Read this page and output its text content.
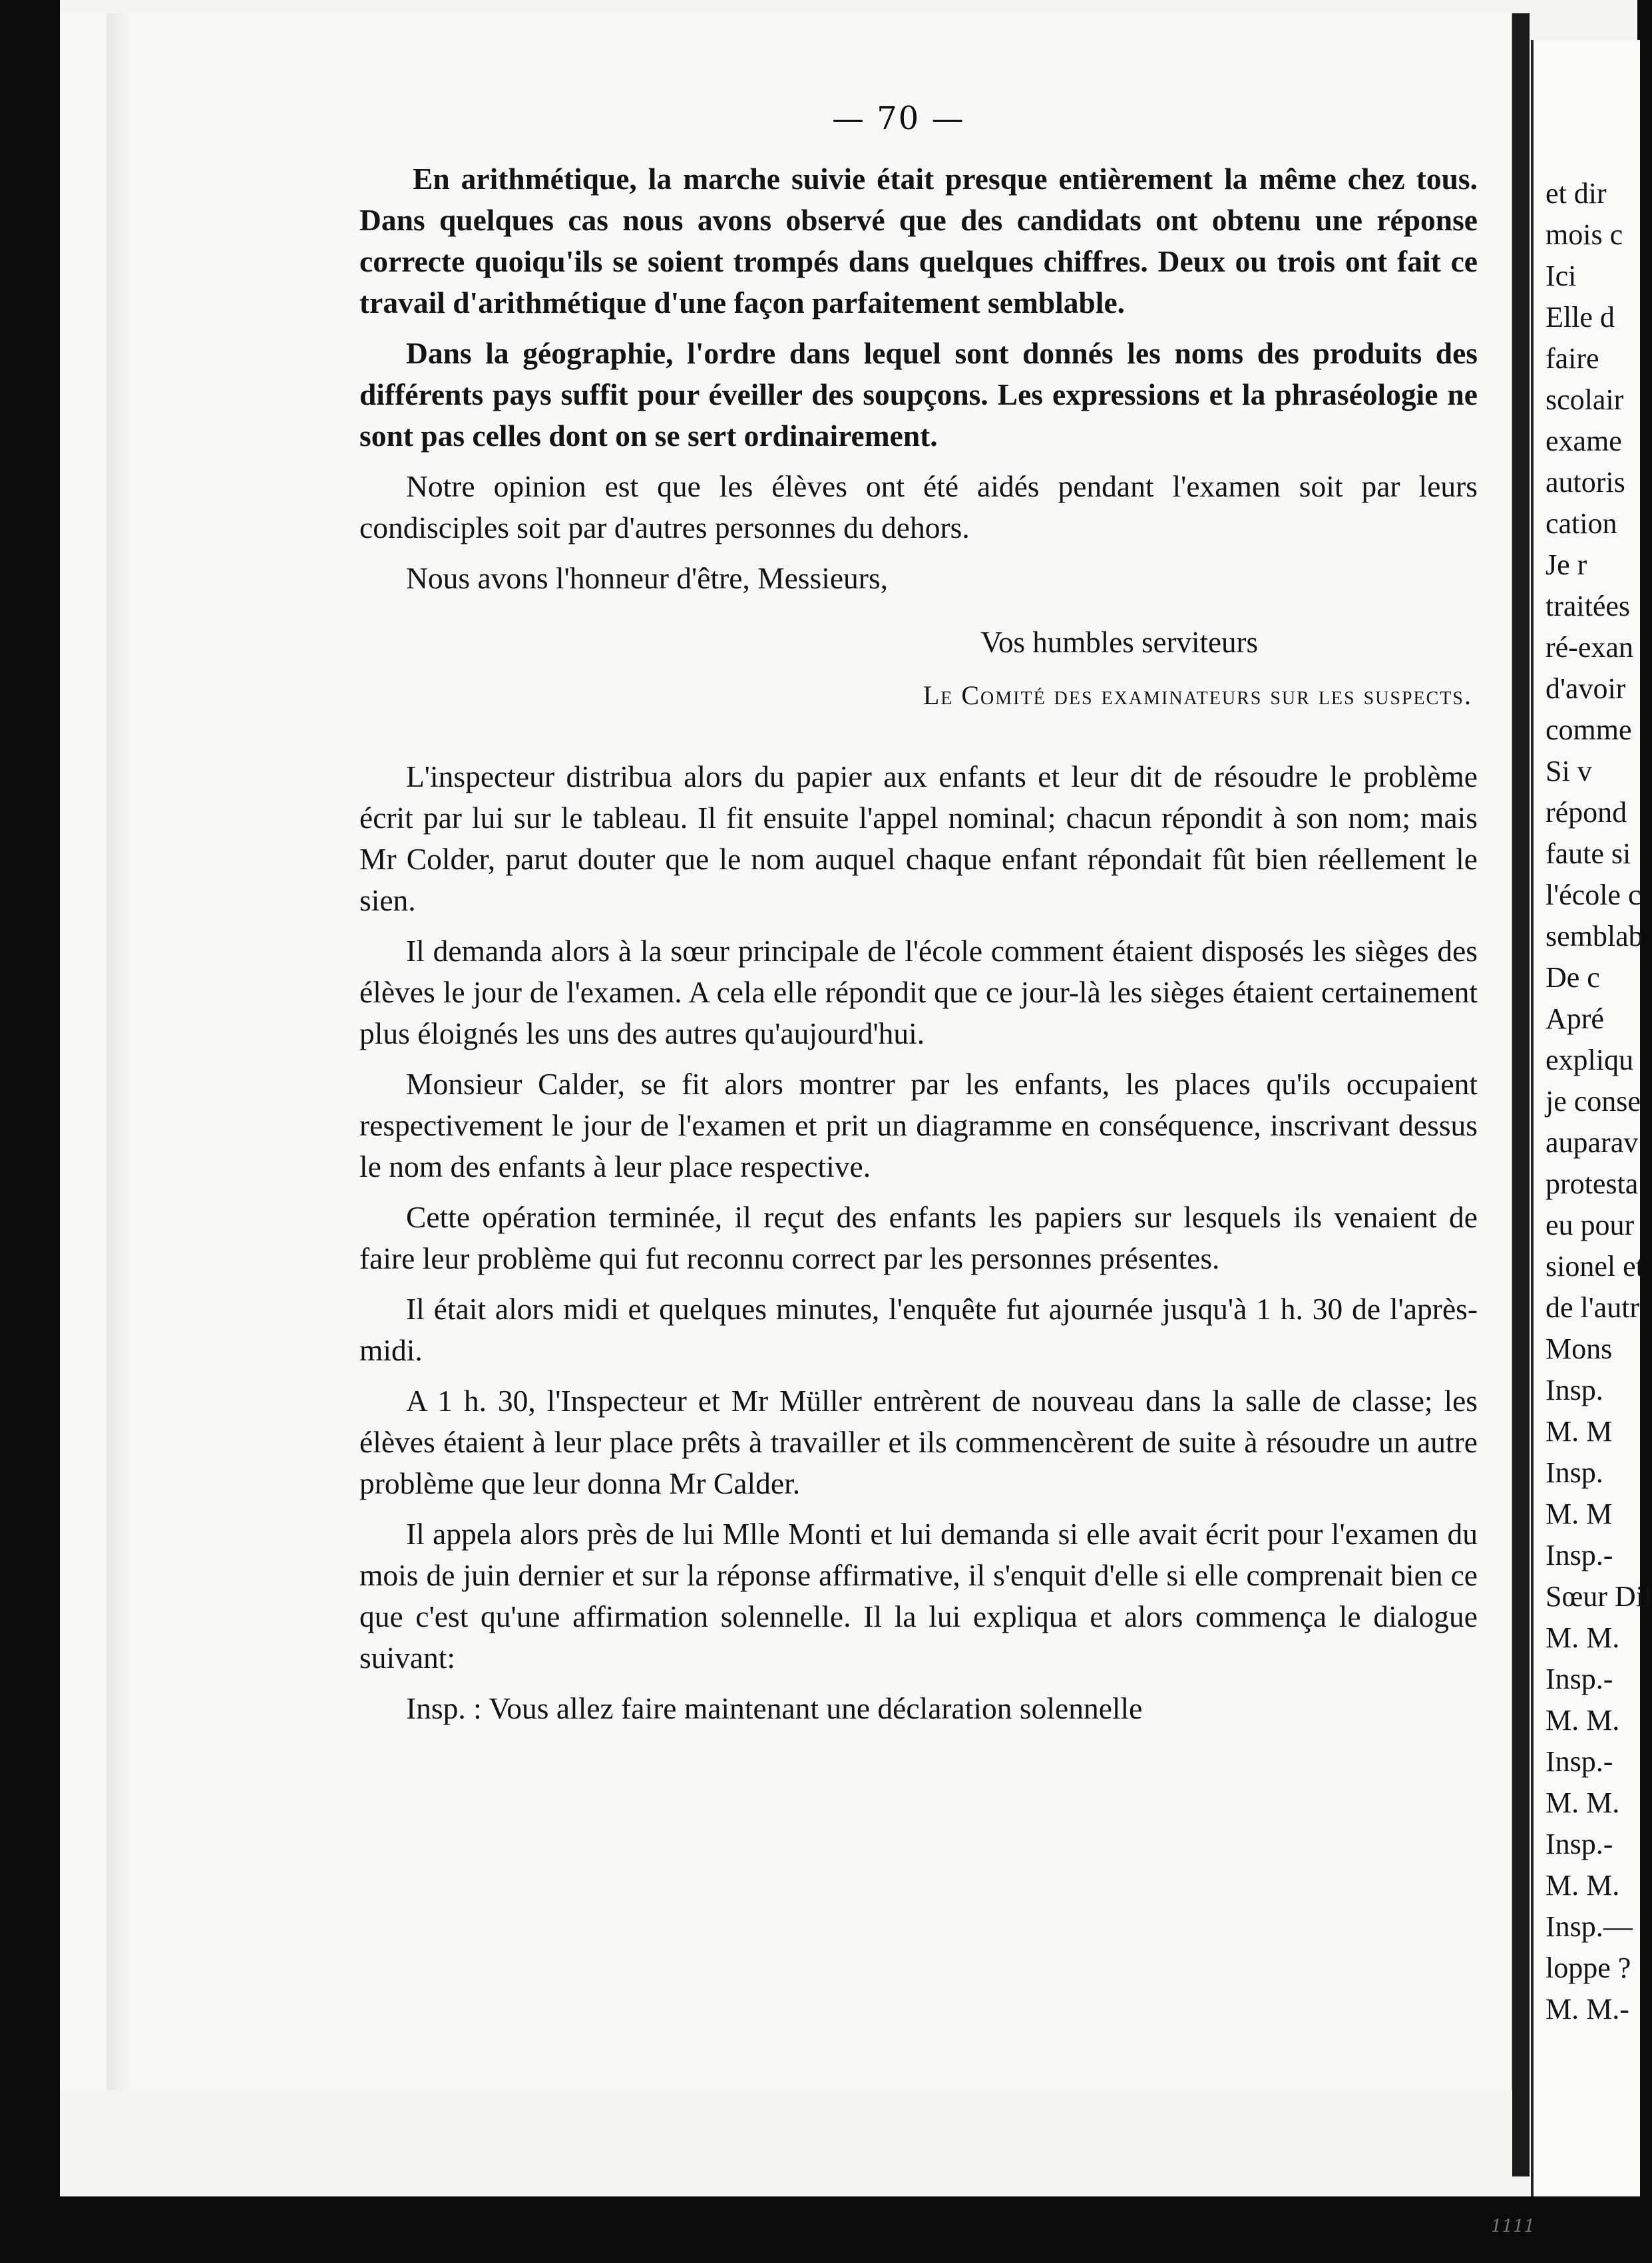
et dir
mois c
Ici
Elle d
faire
scolair
exame
autoris
cation
Je r
traitées
ré-exan
d'avoir
comme
Si v
répond
faute si
l'école c
semblab
De c
Apré
expliqu
je conse
auparav
protesta
eu pour
sionel et
de l'autr
Mons
Insp.
M. M
Insp.
M. M
Insp.-
Sœur Dil
M. M.
Insp.-
M. M.
Insp.-
M. M.
Insp.-
M. M.
Insp.—
loppe ?
M. M.-
— 70 —

En arithmétique, la marche suivie était presque entièrement la même chez tous. Dans quelques cas nous avons observé que des candidats ont obtenu une réponse correcte quoiqu'ils se soient trompés dans quelques chiffres. Deux ou trois ont fait ce travail d'arithmétique d'une façon parfaitement semblable.

Dans la géographie, l'ordre dans lequel sont donnés les noms des produits des différents pays suffit pour éveiller des soupçons. Les expressions et la phraséologie ne sont pas celles dont on se sert ordinairement.

Notre opinion est que les élèves ont été aidés pendant l'examen soit par leurs condisciples soit par d'autres personnes du dehors.

Nous avons l'honneur d'être, Messieurs,

Vos humbles serviteurs
Le Comité des examinateurs sur les suspects.

L'inspecteur distribua alors du papier aux enfants et leur dit de résoudre le problème écrit par lui sur le tableau. Il fit ensuite l'appel nominal; chacun répondit à son nom; mais Mr Colder, parut douter que le nom auquel chaque enfant répondait fût bien réellement le sien.

Il demanda alors à la sœur principale de l'école comment étaient disposés les sièges des élèves le jour de l'examen. A cela elle répondit que ce jour-là les sièges étaient certainement plus éloignés les uns des autres qu'aujourd'hui.

Monsieur Calder, se fit alors montrer par les enfants, les places qu'ils occupaient respectivement le jour de l'examen et prit un diagramme en conséquence, inscrivant dessus le nom des enfants à leur place respective.

Cette opération terminée, il reçut des enfants les papiers sur lesquels ils venaient de faire leur problème qui fut reconnu correct par les personnes présentes.

Il était alors midi et quelques minutes, l'enquête fut ajournée jusqu'à 1 h. 30 de l'après-midi.

A 1 h. 30, l'Inspecteur et Mr Müller entrèrent de nouveau dans la salle de classe; les élèves étaient à leur place prêts à travailler et ils commencèrent de suite à résoudre un autre problème que leur donna Mr Calder.

Il appela alors près de lui Mlle Monti et lui demanda si elle avait écrit pour l'examen du mois de juin dernier et sur la réponse affirmative, il s'enquit d'elle si elle comprenait bien ce que c'est qu'une affirmation solennelle. Il la lui expliqua et alors commença le dialogue suivant:

Insp. : Vous allez faire maintenant une déclaration solennelle

1111
